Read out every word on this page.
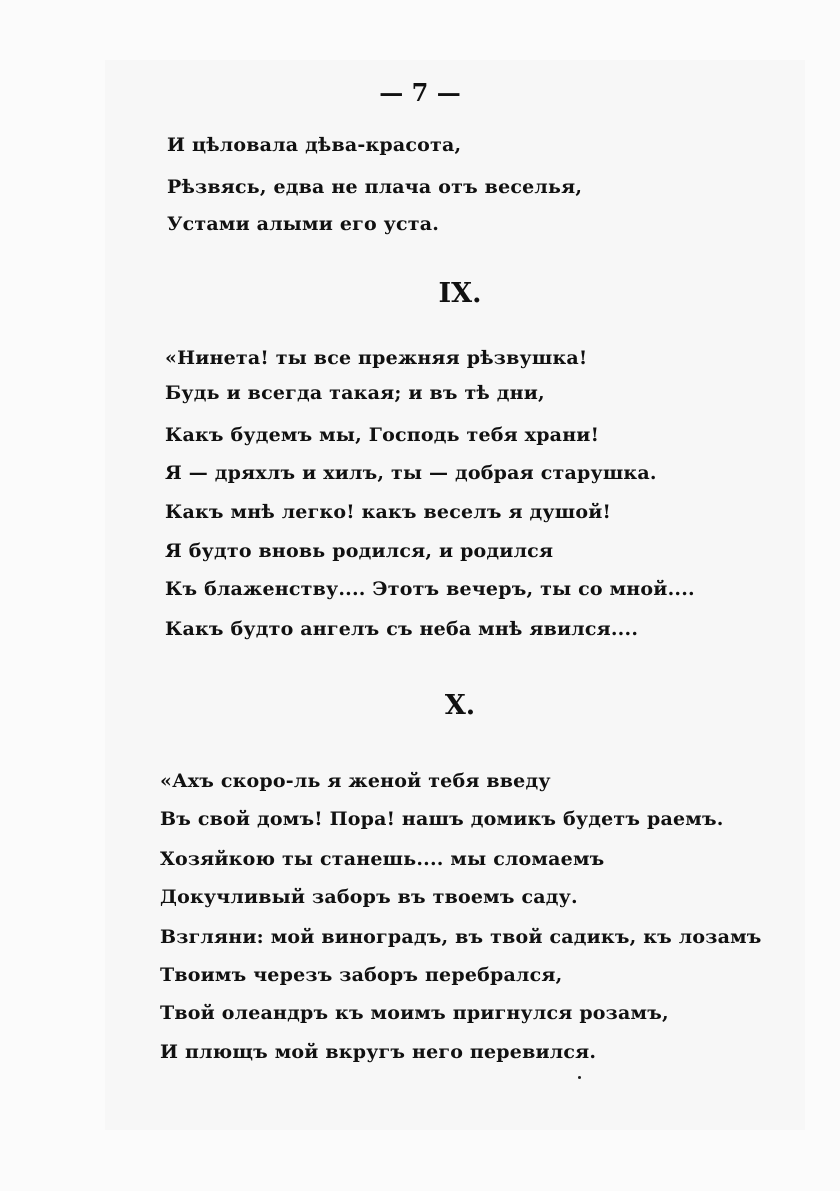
— 7 —
И цѣловала дѣва-красота,
Рѣзвясь, едва не плача отъ веселья,
Устами алыми его уста.
IX.
«Нинета! ты все прежняя рѣзвушка!
Будь и всегда такая; и въ тѣ дни,
Какъ будемъ мы, Господь тебя храни!
Я — дряхлъ и хилъ, ты — добрая старушка.
Какъ мнѣ легко! какъ веселъ я душой!
Я будто вновь родился, и родился
Къ блаженству.... Этотъ вечеръ, ты со мной....
Какъ будто ангелъ съ неба мнѣ явился....
X.
«Ахъ скоро-ль я женой тебя введу
Въ свой домъ! Пора! нашъ домикъ будетъ раемъ.
Хозяйкою ты станешь.... мы сломаемъ
Докучливый заборъ въ твоемъ саду.
Взгляни: мой виноградъ, въ твой садикъ, къ лозамъ
Твоимъ черезъ заборъ перебрался,
Твой олеандръ къ моимъ пригнулся розамъ,
И плющъ мой вкругъ него перевился.
